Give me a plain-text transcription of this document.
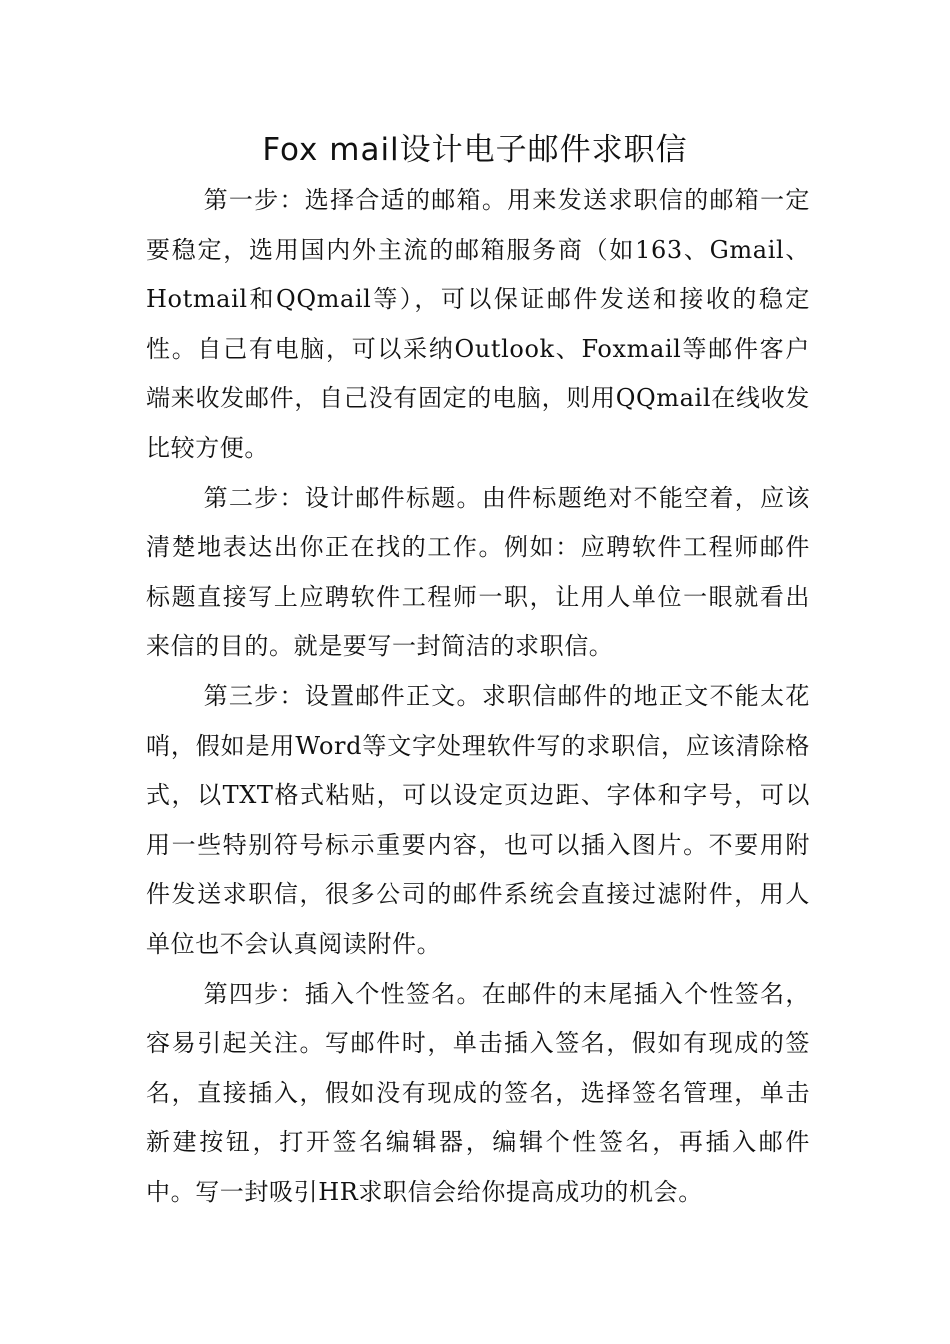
Fox mail设计电子邮件求职信

第一步：选择合适的邮箱。用来发送求职信的邮箱一定要稳定，选用国内外主流的邮箱服务商（如163、Gmail、Hotmail和QQmail等），可以保证邮件发送和接收的稳定性。自己有电脑，可以采纳Outlook、Foxmail等邮件客户端来收发邮件，自己没有固定的电脑，则用QQmail在线收发比较方便。

第二步：设计邮件标题。由件标题绝对不能空着，应该清楚地表达出你正在找的工作。例如：应聘软件工程师邮件标题直接写上应聘软件工程师一职，让用人单位一眼就看出来信的目的。就是要写一封简洁的求职信。

第三步：设置邮件正文。求职信邮件的地正文不能太花哨，假如是用Word等文字处理软件写的求职信，应该清除格式，以TXT格式粘贴，可以设定页边距、字体和字号，可以用一些特别符号标示重要内容，也可以插入图片。不要用附件发送求职信，很多公司的邮件系统会直接过滤附件，用人单位也不会认真阅读附件。

第四步：插入个性签名。在邮件的末尾插入个性签名，容易引起关注。写邮件时，单击插入签名，假如有现成的签名，直接插入，假如没有现成的签名，选择签名管理，单击新建按钮，打开签名编辑器，编辑个性签名，再插入邮件中。写一封吸引HR求职信会给你提高成功的机会。
